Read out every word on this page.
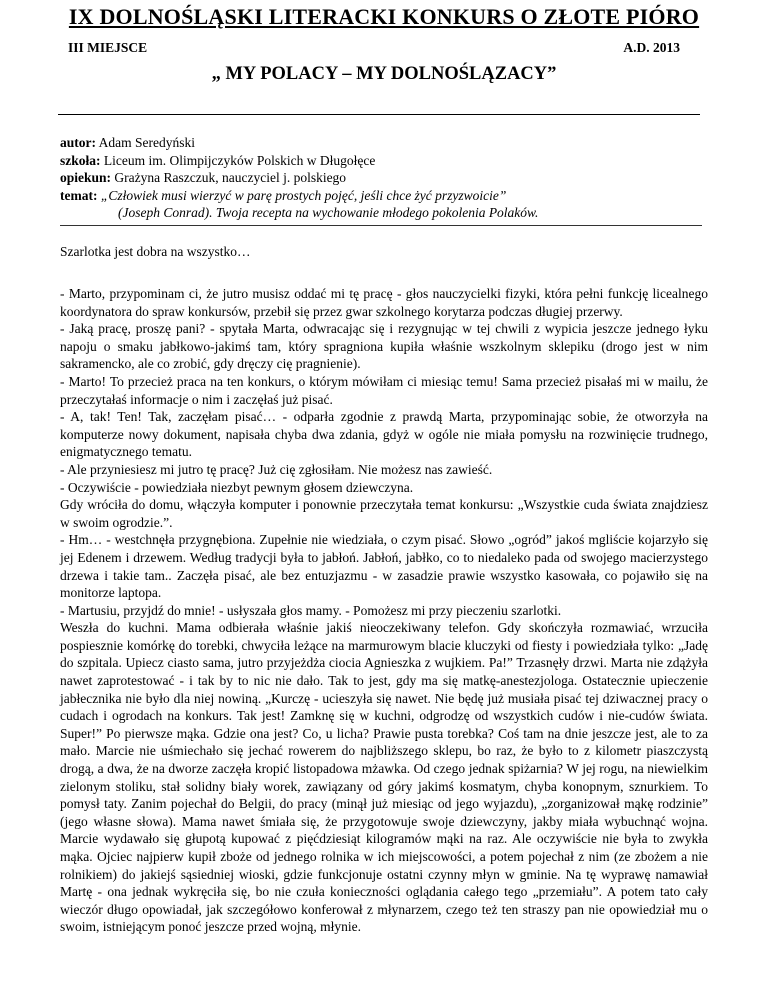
IX DOLNOŚLĄSKI LITERACKI KONKURS O ZŁOTE PIÓRO
III MIEJSCE	A.D. 2013
„ MY POLACY – MY DOLNOŚLĄZACY”
autor: Adam Seredyński
szkoła: Liceum im. Olimpijczyków Polskich w Długołęce
opiekun: Grażyna Raszczuk, nauczyciel j. polskiego
temat: „Człowiek musi wierzyć w parę prostych pojęć, jeśli chce żyć przyzwoicie”
(Joseph Conrad). Twoja recepta na wychowanie młodego pokolenia Polaków.
Szarlotka jest dobra na wszystko…

- Marto, przypominam ci, że jutro musisz oddać mi tę pracę - głos nauczycielki fizyki, która pełni funkcję licealnego koordynatora do spraw konkursów, przebił się przez gwar szkolnego korytarza podczas długiej przerwy.

- Jaką pracę, proszę pani? - spytała Marta, odwracając się i rezygnując w tej chwili z wypicia jeszcze jednego łyku napoju o smaku jabłkowo-jakimś tam, który spragniona kupiła właśnie wszkolnym sklepiku (drogo jest w nim sakramencko, ale co zrobić, gdy dręczy cię pragnienie).

- Marto! To przecież praca na ten konkurs, o którym mówiłam ci miesiąc temu! Sama przecież pisałaś mi w mailu, że przeczytałaś informacje o nim i zaczęłaś już pisać.

- A, tak! Ten! Tak, zaczęłam pisać… - odparła zgodnie z prawdą Marta, przypominając sobie, że otworzyła na komputerze nowy dokument, napisała chyba dwa zdania, gdyż w ogóle nie miała pomysłu na rozwinięcie trudnego, enigmatycznego tematu.

- Ale przyniesiesz mi jutro tę pracę? Już cię zgłosiłam. Nie możesz nas zawieść.

- Oczywiście - powiedziała niezbyt pewnym głosem dziewczyna.

Gdy wróciła do domu, włączyła komputer i ponownie przeczytała temat konkursu: „Wszystkie cuda świata znajdziesz w swoim ogrodzie.”.

- Hm… - westchnęła przygnębiona. Zupełnie nie wiedziała, o czym pisać. Słowo „ogród” jakoś mgliście kojarzyło się jej Edenem i drzewem. Według tradycji była to jabłoń. Jabłoń, jabłko, co to niedaleko pada od swojego macierzystego drzewa i takie tam.. Zaczęła pisać, ale bez entuzjazmu - w zasadzie prawie wszystko kasowała, co pojawiło się na monitorze laptopa.

- Martusiu, przyjdź do mnie! - usłyszała głos mamy. - Pomożesz mi przy pieczeniu szarlotki.

Weszła do kuchni. Mama odbierała właśnie jakiś nieoczekiwany telefon. Gdy skończyła rozmawiać, wrzuciła pospiesznie komórkę do torebki, chwyciła leżące na marmurowym blacie kluczyki od fiesty i powiedziała tylko: „Jadę do szpitala. Upiecz ciasto sama, jutro przyjeżdża ciocia Agnieszka z wujkiem. Pa!” Trzasnęły drzwi. Marta nie zdążyła nawet zaprotestować - i tak by to nic nie dało. Tak to jest, gdy ma się matkę-anestezjologa. Ostatecznie upieczenie jabłecznika nie było dla niej nowiną. „Kurczę - ucieszyła się nawet. Nie będę już musiała pisać tej dziwacznej pracy o cudach i ogrodach na konkurs. Tak jest! Zamknę się w kuchni, odgrodzę od wszystkich cudów i nie-cudów świata. Super!” Po pierwsze mąka. Gdzie ona jest? Co, u licha? Prawie pusta torebka? Coś tam na dnie jeszcze jest, ale to za mało. Marcie nie uśmiechało się jechać rowerem do najbliższego sklepu, bo raz, że było to z kilometr piaszczystą drogą, a dwa, że na dworze zaczęła kropić listopadowa mżawka. Od czego jednak spiżarnia? W jej rogu, na niewielkim zielonym stoliku, stał solidny biały worek, zawiązany od góry jakimś kosmatym, chyba konopnym, sznurkiem. To pomysł taty. Zanim pojechał do Belgii, do pracy (minął już miesiąc od jego wyjazdu), „zorganizował mąkę rodzinie” (jego własne słowa). Mama nawet śmiała się, że przygotowuje swoje dziewczyny, jakby miała wybuchnąć wojna. Marcie wydawało się głupotą kupować z pięćdziesiąt kilogramów mąki na raz. Ale oczywiście nie była to zwykła mąka. Ojciec najpierw kupił zboże od jednego rolnika w ich miejscowości, a potem pojechał z nim (ze zbożem a nie rolnikiem) do jakiejś sąsiedniej wioski, gdzie funkcjonuje ostatni czynny młyn w gminie. Na tę wyprawę namawiał Martę - ona jednak wykręciła się, bo nie czuła konieczności oglądania całego tego „przemiału”. A potem tato cały wieczór długo opowiadał, jak szczegółowo konferował z młynarzem, czego też ten straszy pan nie opowiedział mu o swoim, istniejącym ponoć jeszcze przed wojną, młynie.
